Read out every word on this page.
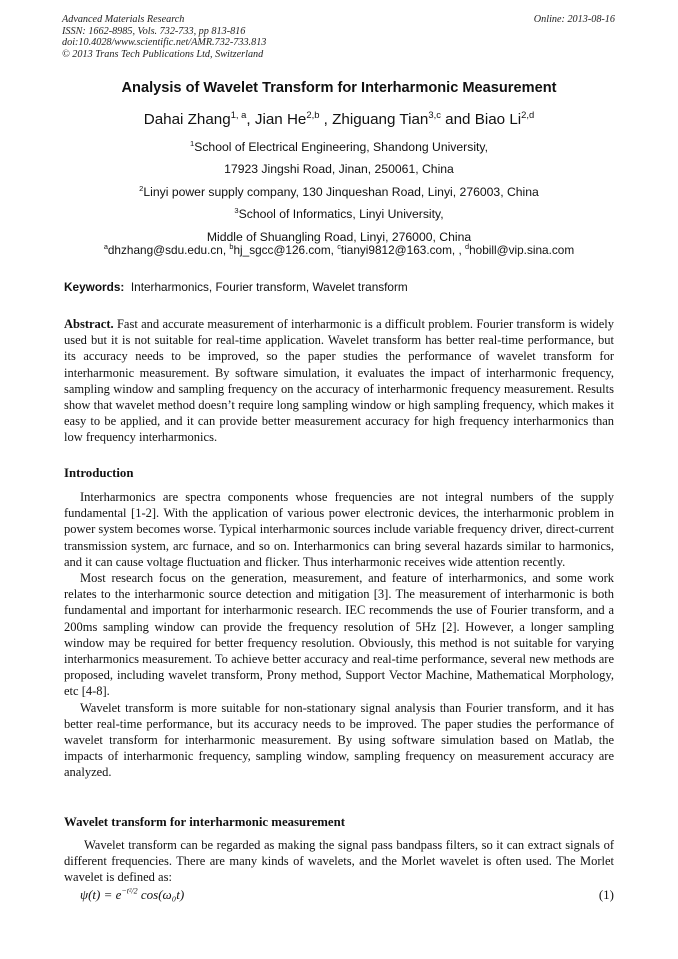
Advanced Materials Research
ISSN: 1662-8985, Vols. 732-733, pp 813-816
doi:10.4028/www.scientific.net/AMR.732-733.813
© 2013 Trans Tech Publications Ltd, Switzerland
Online: 2013-08-16
Analysis of Wavelet Transform for Interharmonic Measurement
Dahai Zhang$^{1, a}$, Jian He$^{2,b}$ , Zhiguang Tian$^{3,c}$ and Biao Li$^{2,d}$
$^1$School of Electrical Engineering, Shandong University,
17923 Jingshi Road, Jinan, 250061, China
$^2$Linyi power supply company, 130 Jinqueshan Road, Linyi, 276003, China
$^3$School of Informatics, Linyi University,
Middle of Shuangling Road, Linyi, 276000, China
$^a$dhzhang@sdu.edu.cn, $^b$hj_sgcc@126.com, $^c$tianyi9812@163.com, , $^d$hobill@vip.sina.com
Keywords: Interharmonics, Fourier transform, Wavelet transform
Abstract. Fast and accurate measurement of interharmonic is a difficult problem. Fourier transform is widely used but it is not suitable for real-time application. Wavelet transform has better real-time performance, but its accuracy needs to be improved, so the paper studies the performance of wavelet transform for interharmonic measurement. By software simulation, it evaluates the impact of interharmonic frequency, sampling window and sampling frequency on the accuracy of interharmonic frequency measurement. Results show that wavelet method doesn’t require long sampling window or high sampling frequency, which makes it easy to be applied, and it can provide better measurement accuracy for high frequency interharmonics than low frequency interharmonics.
Introduction

Interharmonics are spectra components whose frequencies are not integral numbers of the supply fundamental [1-2]. With the application of various power electronic devices, the interharmonic problem in power system becomes worse. Typical interharmonic sources include variable frequency driver, direct-current transmission system, arc furnace, and so on. Interharmonics can bring several hazards similar to harmonics, and it can cause voltage fluctuation and flicker. Thus interharmonic receives wide attention recently.

Most research focus on the generation, measurement, and feature of interharmonics, and some work relates to the interharmonic source detection and mitigation [3]. The measurement of interharmonic is both fundamental and important for interharmonic research. IEC recommends the use of Fourier transform, and a 200ms sampling window can provide the frequency resolution of 5Hz [2]. However, a longer sampling window may be required for better frequency resolution. Obviously, this method is not suitable for varying interharmonics measurement. To achieve better accuracy and real-time performance, several new methods are proposed, including wavelet transform, Prony method, Support Vector Machine, Mathematical Morphology, etc [4-8].

Wavelet transform is more suitable for non-stationary signal analysis than Fourier transform, and it has better real-time performance, but its accuracy needs to be improved. The paper studies the performance of wavelet transform for interharmonic measurement. By using software simulation based on Matlab, the impacts of interharmonic frequency, sampling window, sampling frequency on measurement accuracy are analyzed.

Wavelet transform for interharmonic measurement

Wavelet transform can be regarded as making the signal pass bandpass filters, so it can extract signals of different frequencies. There are many kinds of wavelets, and the Morlet wavelet is often used. The Morlet wavelet is defined as:

$\psi(t) = e^{-t^2/2}$ cos(ω₀t)	(1)
